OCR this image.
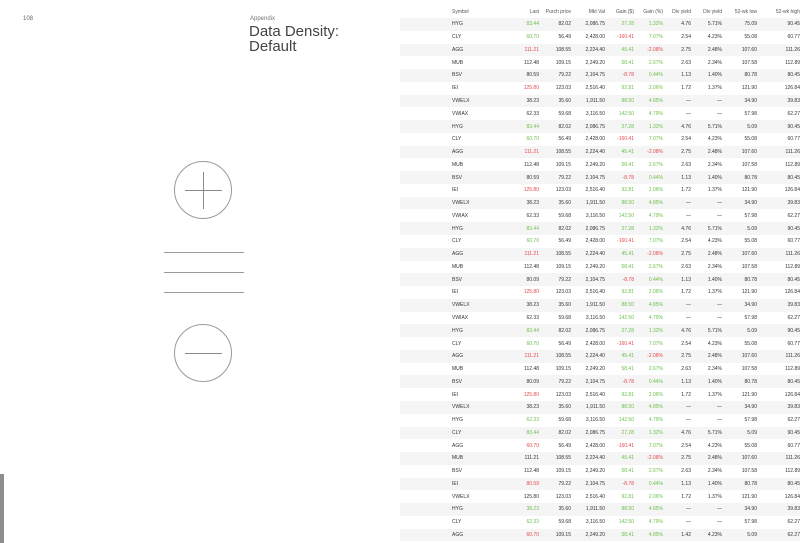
108	Appendix
Data Density:
Default
Symbol	Last	Purch price	Mkt Val	Gain ($)	Gain (%)	Div yield	Div yield	52-wk low	52-wk high
HYG	83.44	82.02	2,086.75	27.28	1.32%	4.76	5.71%	75.09	90.45
CLY	60.70	56.49	2,428.00	-160.41	7.07%	2.54	4.23%	55.08	60.77
AGG	111.21	108.55	2,224.40	45.41	-2.08%	2.75	2.48%	107.60	111.26
MUB	112.48	109.15	2,249.20	58.41	2.67%	2.63	2.34%	107.58	112.89
BSV	80.59	79.22	2,104.75	-8.78	0.44%	1.13	1.40%	80.78	80.45
IEI	125.80	123.03	2,516.40	92.81	2.06%	1.72	1.37%	121.90	126.84
VWELX	38.23	35.60	1,911.50	88.50	4.85%	—	—	34.90	39.83
VWIAX	62.33	59.68	3,116.50	142.50	4.79%	—	—	57.98	62.27
HYG	83.44	82.02	2,086.75	27.28	1.32%	4.76	5.71%	5.09	90.45
CLY	60.70	56.49	2,428.00	-160.41	7.07%	2.54	4.23%	55.08	60.77
AGG	111.21	108.55	2,224.40	45.41	-2.08%	2.75	2.48%	107.60	111.26
MUB	112.48	109.15	2,249.20	58.41	2.67%	2.63	2.34%	107.58	112.89
BSV	80.59	79.22	2,104.75	-8.78	0.44%	1.13	1.40%	80.78	80.45
IEI	125.80	123.03	2,516.40	92.81	2.06%	1.72	1.37%	121.90	126.84
VWELX	38.23	35.60	1,911.50	88.50	4.85%	—	—	34.90	39.83
VWIAX	62.33	59.68	3,116.50	142.50	4.79%	—	—	57.98	62.27
HYG	83.44	82.02	2,086.75	27.28	1.32%	4.76	5.71%	5.09	90.45
CLY	60.70	56.49	2,428.00	-160.41	7.07%	2.54	4.23%	55.08	60.77
AGG	111.21	108.55	2,224.40	45.41	-2.08%	2.75	2.48%	107.60	111.26
MUB	112.48	109.15	2,249.20	58.41	2.67%	2.63	2.34%	107.58	112.89
BSV	80.09	79.22	2,104.75	-8.78	0.44%	1.13	1.40%	80.78	80.45
IEI	125.80	123.03	2,516.40	92.81	2.06%	1.72	1.37%	121.90	126.84
VWELX	38.23	35.60	1,911.50	88.50	4.85%	—	—	34.90	39.83
VWIAX	62.33	59.68	3,116.50	142.50	4.79%	—	—	57.98	62.27
HYG	83.44	82.02	2,086.75	27.28	1.32%	4.76	5.71%	5.09	90.45
CLY	60.70	56.49	2,428.00	-160.41	7.07%	2.54	4.23%	55.08	60.77
AGG	111.21	108.55	2,224.40	45.41	-2.08%	2.75	2.48%	107.60	111.26
MUB	112.48	109.15	2,249.20	58.41	2.67%	2.63	2.34%	107.58	112.89
BSV	80.09	79.22	2,104.75	-8.78	0.44%	1.13	1.40%	80.78	80.45
IEI	125.80	123.03	2,516.40	92.81	2.06%	1.72	1.37%	121.90	126.84
VWELX	38.23	35.60	1,911.50	88.50	4.85%	—	—	34.90	39.83
HYG	62.33	59.68	3,116.50	142.50	4.79%	—	—	57.98	62.27
CLY	83.44	82.02	2,086.75	27.28	1.32%	4.76	5.71%	5.09	90.45
AGG	60.70	56.49	2,428.00	-160.41	7.07%	2.54	4.23%	55.08	60.77
MUB	111.21	108.55	2,224.40	45.41	-2.08%	2.75	2.48%	107.60	111.26
BSV	112.48	109.15	2,249.20	58.41	2.67%	2.63	2.34%	107.58	112.89
IEI	80.59	79.22	2,104.75	-8.78	0.44%	1.13	1.40%	80.78	80.45
VWELX	125.80	123.03	2,516.40	92.81	2.06%	1.72	1.37%	121.90	126.84
HYG	38.23	35.60	1,911.50	88.50	4.85%	—	—	34.90	39.83
CLY	62.33	59.68	3,116.50	142.50	4.79%	—	—	57.98	62.27
AGG	60.70	109.15	2,249.20	58.41	4.85%	1.42	4.23%	5.09	62.27
